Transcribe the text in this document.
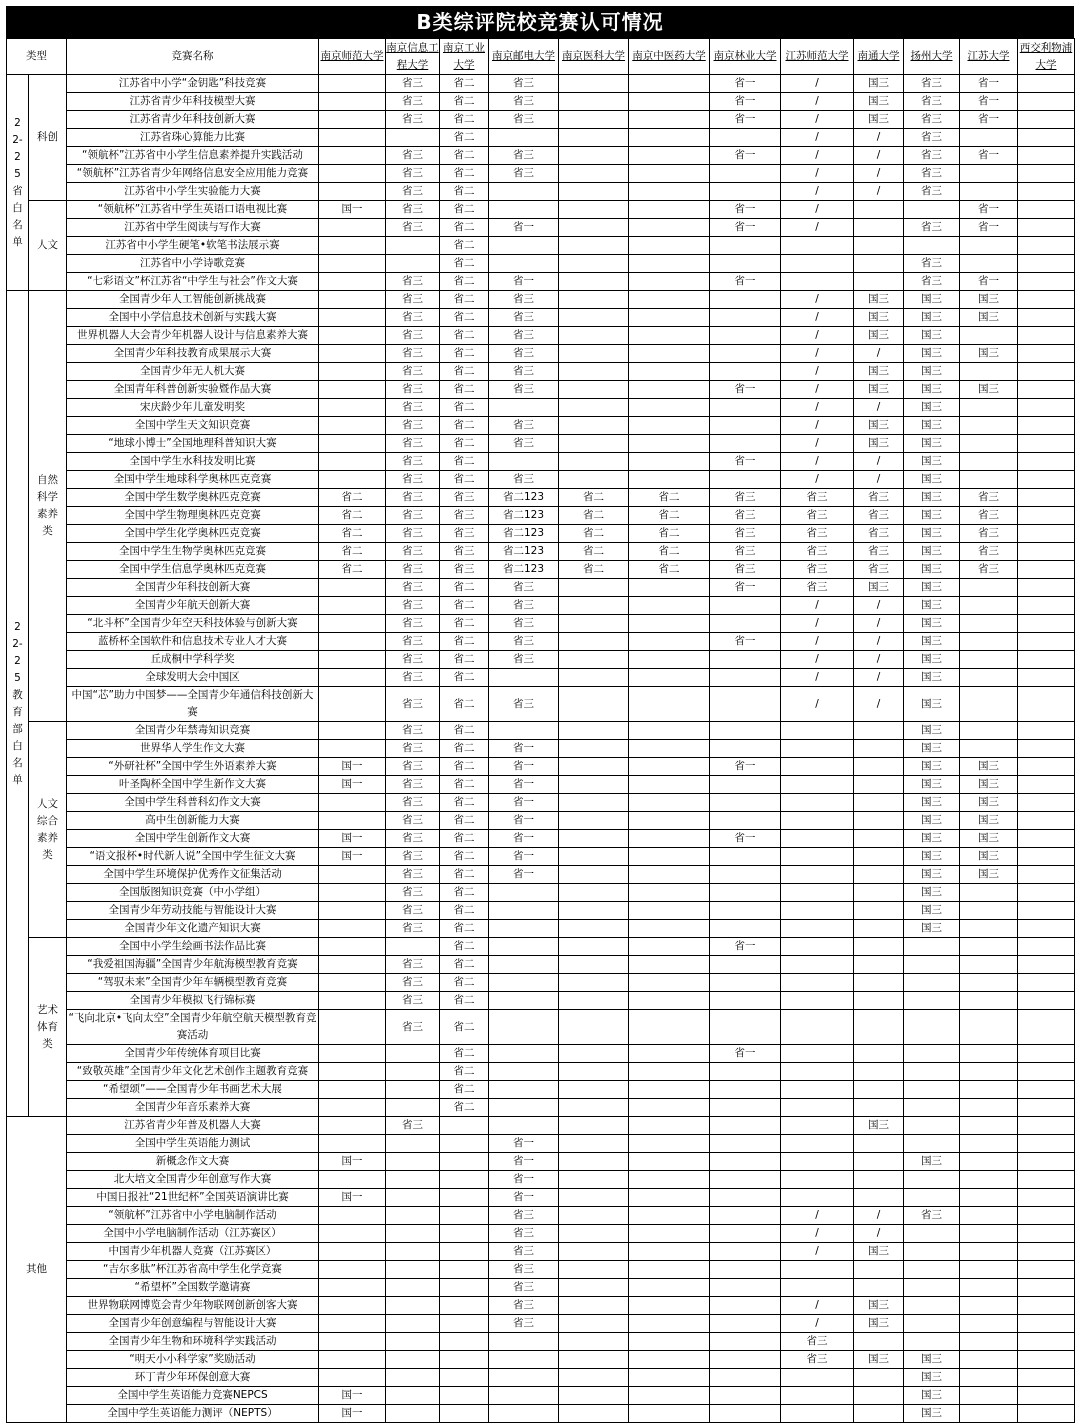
B类综评院校竞赛认可情况
类型		竞赛名称	南京师范大学	南京信息工程大学	南京工业大学	南京邮电大学	南京医科大学	南京中医药大学	南京林业大学	江苏师范大学	南通大学	扬州大学	江苏大学	西交利物浦大学
22-25省白名单	科创	江苏省中小学“金钥匙”科技竞赛		省三	省二	省三			省一	/	国三	省三	省一	
		江苏省青少年科技模型大赛		省三	省二	省三			省一	/	国三	省三	省一	
		江苏省青少年科技创新大赛		省三	省二	省三			省一	/	国三	省三	省一	
		江苏省珠心算能力比赛			省二					/	/	省三		
		“领航杯”江苏省中小学生信息素养提升实践活动		省三	省二	省三			省一	/	/	省三	省一	
		“领航杯”江苏省青少年网络信息安全应用能力竞赛		省三	省二	省三				/	/	省三		
		江苏省中小学生实验能力大赛		省三	省二					/	/	省三		
	人文	“领航杯”江苏省中学生英语口语电视比赛	国一	省三	省二				省一	/			省一	
		江苏省中学生阅读与写作大赛		省三	省二	省一			省一	/		省三	省一	
		江苏省中小学生硬笔•软笔书法展示赛			省二									
		江苏省中小学诗歌竞赛			省二							省三		
		“七彩语文”杯江苏省“中学生与社会”作文大赛		省三	省二	省一			省一			省三	省一	
22-25教育部白名单	自然科学素养类	全国青少年人工智能创新挑战赛		省三	省二	省三				/	国三	国三	国三	
		全国中小学信息技术创新与实践大赛		省三	省二	省三				/	国三	国三	国三	
		世界机器人大会青少年机器人设计与信息素养大赛		省三	省二	省三				/	国三	国三		
		全国青少年科技教育成果展示大赛		省三	省二	省三				/	/	国三	国三	
		全国青少年无人机大赛		省三	省二	省三				/	国三	国三		
		全国青年科普创新实验暨作品大赛		省三	省二	省三			省一	/	国三	国三	国三	
		宋庆龄少年儿童发明奖		省三	省二					/	/	国三		
		全国中学生天文知识竞赛		省三	省二	省三				/	国三	国三		
		“地球小博士”全国地理科普知识大赛		省三	省二	省三				/	国三	国三		
		全国中学生水科技发明比赛		省三	省二				省一	/	/	国三		
		全国中学生地球科学奥林匹克竞赛		省三	省二	省三				/	/	国三		
		全国中学生数学奥林匹克竞赛	省二	省三	省三	省二123	省二	省二	省三	省三	省三	国三	省三	
		全国中学生物理奥林匹克竞赛	省二	省三	省三	省二123	省二	省二	省三	省三	省三	国三	省三	
		全国中学生化学奥林匹克竞赛	省二	省三	省三	省二123	省二	省二	省三	省三	省三	国三	省三	
		全国中学生生物学奥林匹克竞赛	省二	省三	省三	省二123	省二	省二	省三	省三	省三	国三	省三	
		全国中学生信息学奥林匹克竞赛	省二	省三	省三	省二123	省二	省二	省三	省三	省三	国三	省三	
		全国青少年科技创新大赛		省三	省二	省三			省一	省三	国三	国三		
		全国青少年航天创新大赛		省三	省二	省三				/	/	国三		
		“北斗杯”全国青少年空天科技体验与创新大赛		省三	省二	省三				/	/	国三		
		蓝桥杯全国软件和信息技术专业人才大赛		省三	省二	省三			省一	/	/	国三		
		丘成桐中学科学奖		省三	省二	省三				/	/	国三		
		全球发明大会中国区		省三	省二					/	/	国三		
		中国“芯”助力中国梦——全国青少年通信科技创新大赛		省三	省二	省三				/	/	国三		
	人文综合素养类	全国青少年禁毒知识竞赛		省三	省二							国三		
		世界华人学生作文大赛		省三	省二	省一						国三		
		“外研社杯”全国中学生外语素养大赛	国一	省三	省二	省一			省一			国三	国三	
		叶圣陶杯全国中学生新作文大赛	国一	省三	省二	省一						国三	国三	
		全国中学生科普科幻作文大赛		省三	省二	省一						国三	国三	
		高中生创新能力大赛		省三	省二	省一						国三	国三	
		全国中学生创新作文大赛	国一	省三	省二	省一			省一			国三	国三	
		“语文报杯•时代新人说”全国中学生征文大赛	国一	省三	省二	省一						国三	国三	
		全国中学生环境保护优秀作文征集活动		省三	省二	省一						国三	国三	
		全国版图知识竞赛（中小学组）		省三	省二							国三		
		全国青少年劳动技能与智能设计大赛		省三	省二							国三		
		全国青少年文化遗产知识大赛		省三	省二							国三		
	艺术体育类	全国中小学生绘画书法作品比赛			省二				省一					
		“我爱祖国海疆”全国青少年航海模型教育竞赛		省三	省二									
		“驾驭未来”全国青少年车辆模型教育竞赛		省三	省二									
		全国青少年模拟飞行锦标赛		省三	省二									
		“飞向北京•飞向太空”全国青少年航空航天模型教育竞赛活动		省三	省二									
		全国青少年传统体育项目比赛			省二				省一					
		“致敬英雄”全国青少年文化艺术创作主题教育竞赛			省二									
		“希望颂”——全国青少年书画艺术大展			省二									
		全国青少年音乐素养大赛			省二									
其他		江苏省青少年普及机器人大赛		省三							国三			
		全国中学生英语能力测试				省一								
		新概念作文大赛	国一			省一						国三		
		北大培文全国青少年创意写作大赛				省一								
		中国日报社“21世纪杯”全国英语演讲比赛	国一			省一								
		“领航杯”江苏省中小学电脑制作活动				省三				/	/	省三		
		全国中小学电脑制作活动（江苏赛区）				省三				/	/			
		中国青少年机器人竞赛（江苏赛区）				省三				/	国三			
		“吉尔多肽”杯江苏省高中学生化学竞赛				省三								
		“希望杯”全国数学邀请赛				省三								
		世界物联网博览会青少年物联网创新创客大赛				省三				/	国三			
		全国青少年创意编程与智能设计大赛				省三				/	国三			
		全国青少年生物和环境科学实践活动								省三				
		“明天小小科学家”奖励活动								省三	国三	国三		
		环丁青少年环保创意大赛										国三		
		全国中学生英语能力竞赛NEPCS	国一									国三		
		全国中学生英语能力测评（NEPTS）	国一									国三		
